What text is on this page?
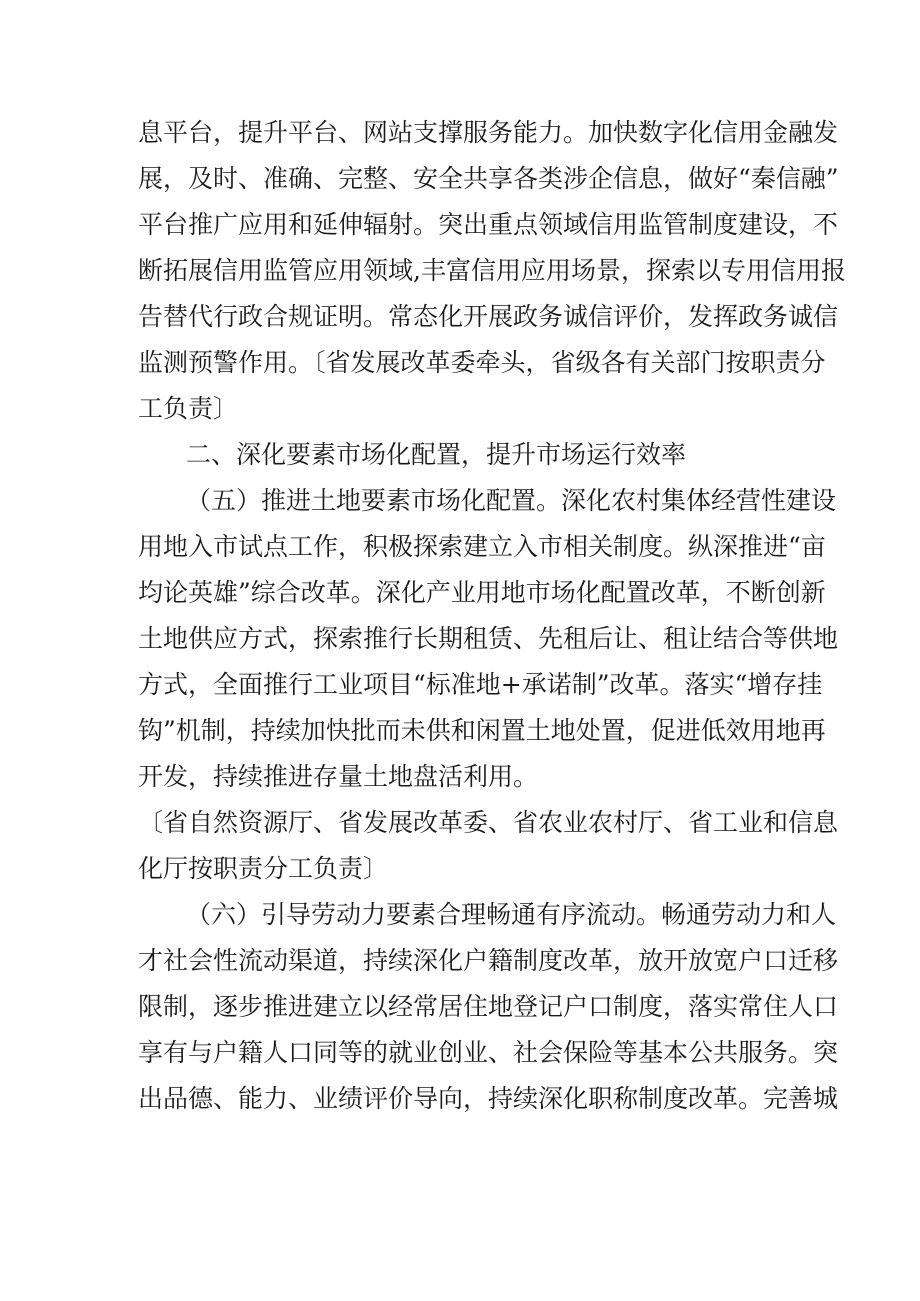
息平台，提升平台、网站支撑服务能力。加快数字化信用金融发
展，及时、准确、完整、安全共享各类涉企信息，做好“秦信融”
平台推广应用和延伸辐射。突出重点领域信用监管制度建设，不
断拓展信用监管应用领域,丰富信用应用场景，探索以专用信用报
告替代行政合规证明。常态化开展政务诚信评价，发挥政务诚信
监测预警作用。〔省发展改革委牵头，省级各有关部门按职责分
工负责〕
二、深化要素市场化配置，提升市场运行效率
（五）推进土地要素市场化配置。深化农村集体经营性建设
用地入市试点工作，积极探索建立入市相关制度。纵深推进“亩
均论英雄”综合改革。深化产业用地市场化配置改革，不断创新
土地供应方式，探索推行长期租赁、先租后让、租让结合等供地
方式，全面推行工业项目“标准地+承诺制”改革。落实“增存挂
钩”机制，持续加快批而未供和闲置土地处置，促进低效用地再
开发，持续推进存量土地盘活利用。
〔省自然资源厅、省发展改革委、省农业农村厅、省工业和信息
化厅按职责分工负责〕
（六）引导劳动力要素合理畅通有序流动。畅通劳动力和人
才社会性流动渠道，持续深化户籍制度改革，放开放宽户口迁移
限制，逐步推进建立以经常居住地登记户口制度，落实常住人口
享有与户籍人口同等的就业创业、社会保险等基本公共服务。突
出品德、能力、业绩评价导向，持续深化职称制度改革。完善城
